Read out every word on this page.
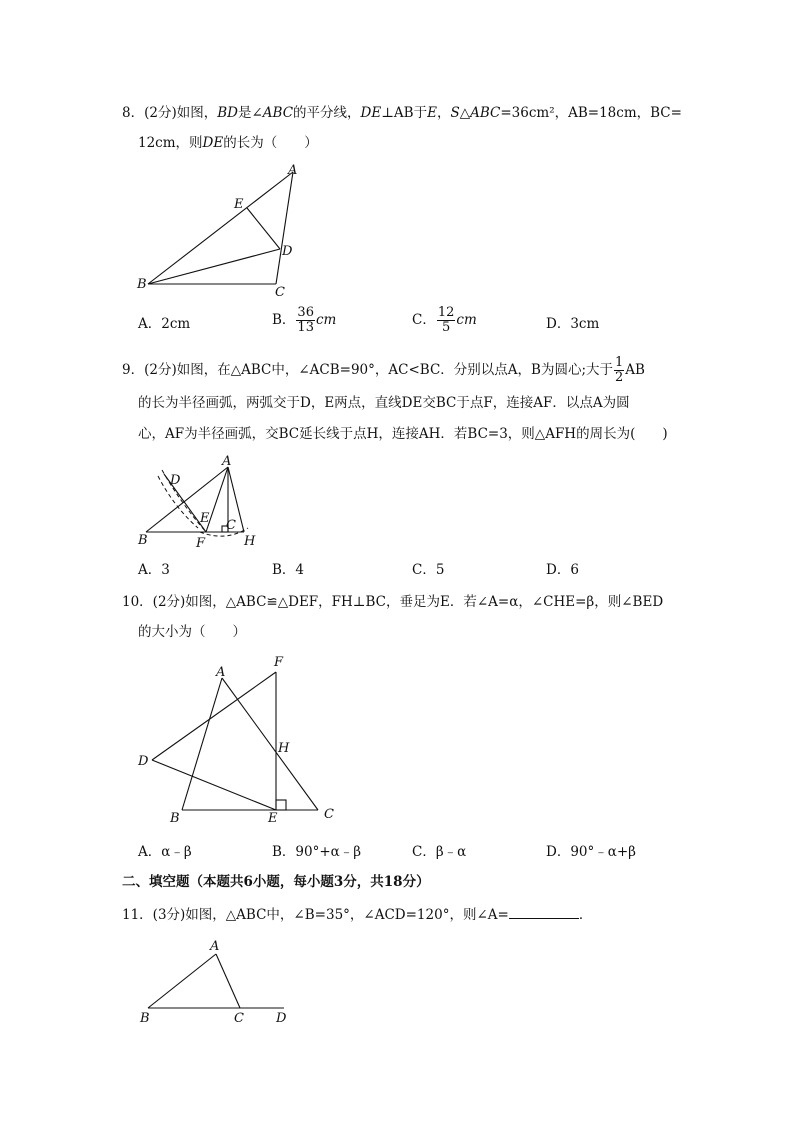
8．(2分)如图，BD是∠ABC的平分线，DE⊥AB于E，S△ABC=36cm²，AB=18cm，BC=
12cm，则DE的长为（　　）
A
B
C
D
E
A．2cm	B． $\frac{36}{13}$ cm	C． $\frac{12}{5}$ cm	D．3cm
9．(2分)如图，在△ABC中，∠ACB=90°，AC<BC．分别以点A，B为圆心;大于 $\frac{1}{2}$ AB
的长为半径画弧，两弧交于D，E两点，直线DE交BC于点F，连接AF．以点A为圆
心，AF为半径画弧，交BC延长线于点H，连接AH．若BC=3，则△AFH的周长为(　　)
A
B
C
D
E
F	H
A．3	B．4	C．5	D．6
10．(2分)如图，△ABC≌△DEF，FH⊥BC，垂足为E．若∠A=α，∠CHE=β，则∠BED
的大小为（　　）
A
B	C
D
E
F
H
A．α﹣β	B．90°+α﹣β	C．β﹣α	D．90°﹣α+β
二、填空题（本题共6小题，每小题3分，共18分）
11．(3分)如图，△ABC中，∠B=35°，∠ACD=120°，则∠A=	．
A
B	C D
